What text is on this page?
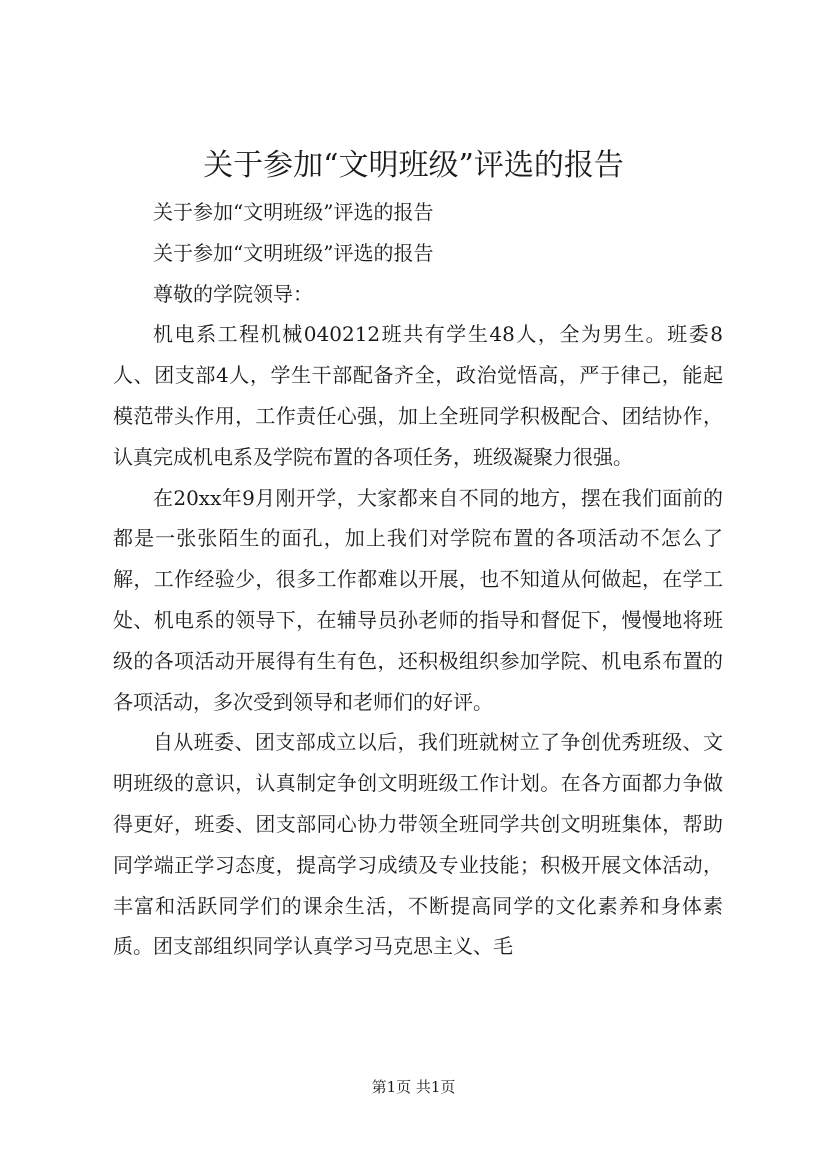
关于参加“文明班级”评选的报告

关于参加“文明班级”评选的报告

关于参加“文明班级”评选的报告

尊敬的学院领导：

机电系工程机械040212班共有学生48人，全为男生。班委8人、团支部4人，学生干部配备齐全，政治觉悟高，严于律己，能起模范带头作用，工作责任心强，加上全班同学积极配合、团结协作，认真完成机电系及学院布置的各项任务，班级凝聚力很强。

在20xx年9月刚开学，大家都来自不同的地方，摆在我们面前的都是一张张陌生的面孔，加上我们对学院布置的各项活动不怎么了解，工作经验少，很多工作都难以开展，也不知道从何做起，在学工处、机电系的领导下，在辅导员孙老师的指导和督促下，慢慢地将班级的各项活动开展得有生有色，还积极组织参加学院、机电系布置的各项活动，多次受到领导和老师们的好评。

自从班委、团支部成立以后，我们班就树立了争创优秀班级、文明班级的意识，认真制定争创文明班级工作计划。在各方面都力争做得更好，班委、团支部同心协力带领全班同学共创文明班集体，帮助同学端正学习态度，提高学习成绩及专业技能；积极开展文体活动，丰富和活跃同学们的课余生活，不断提高同学的文化素养和身体素质。团支部组织同学认真学习马克思主义、毛

第1页 共1页
